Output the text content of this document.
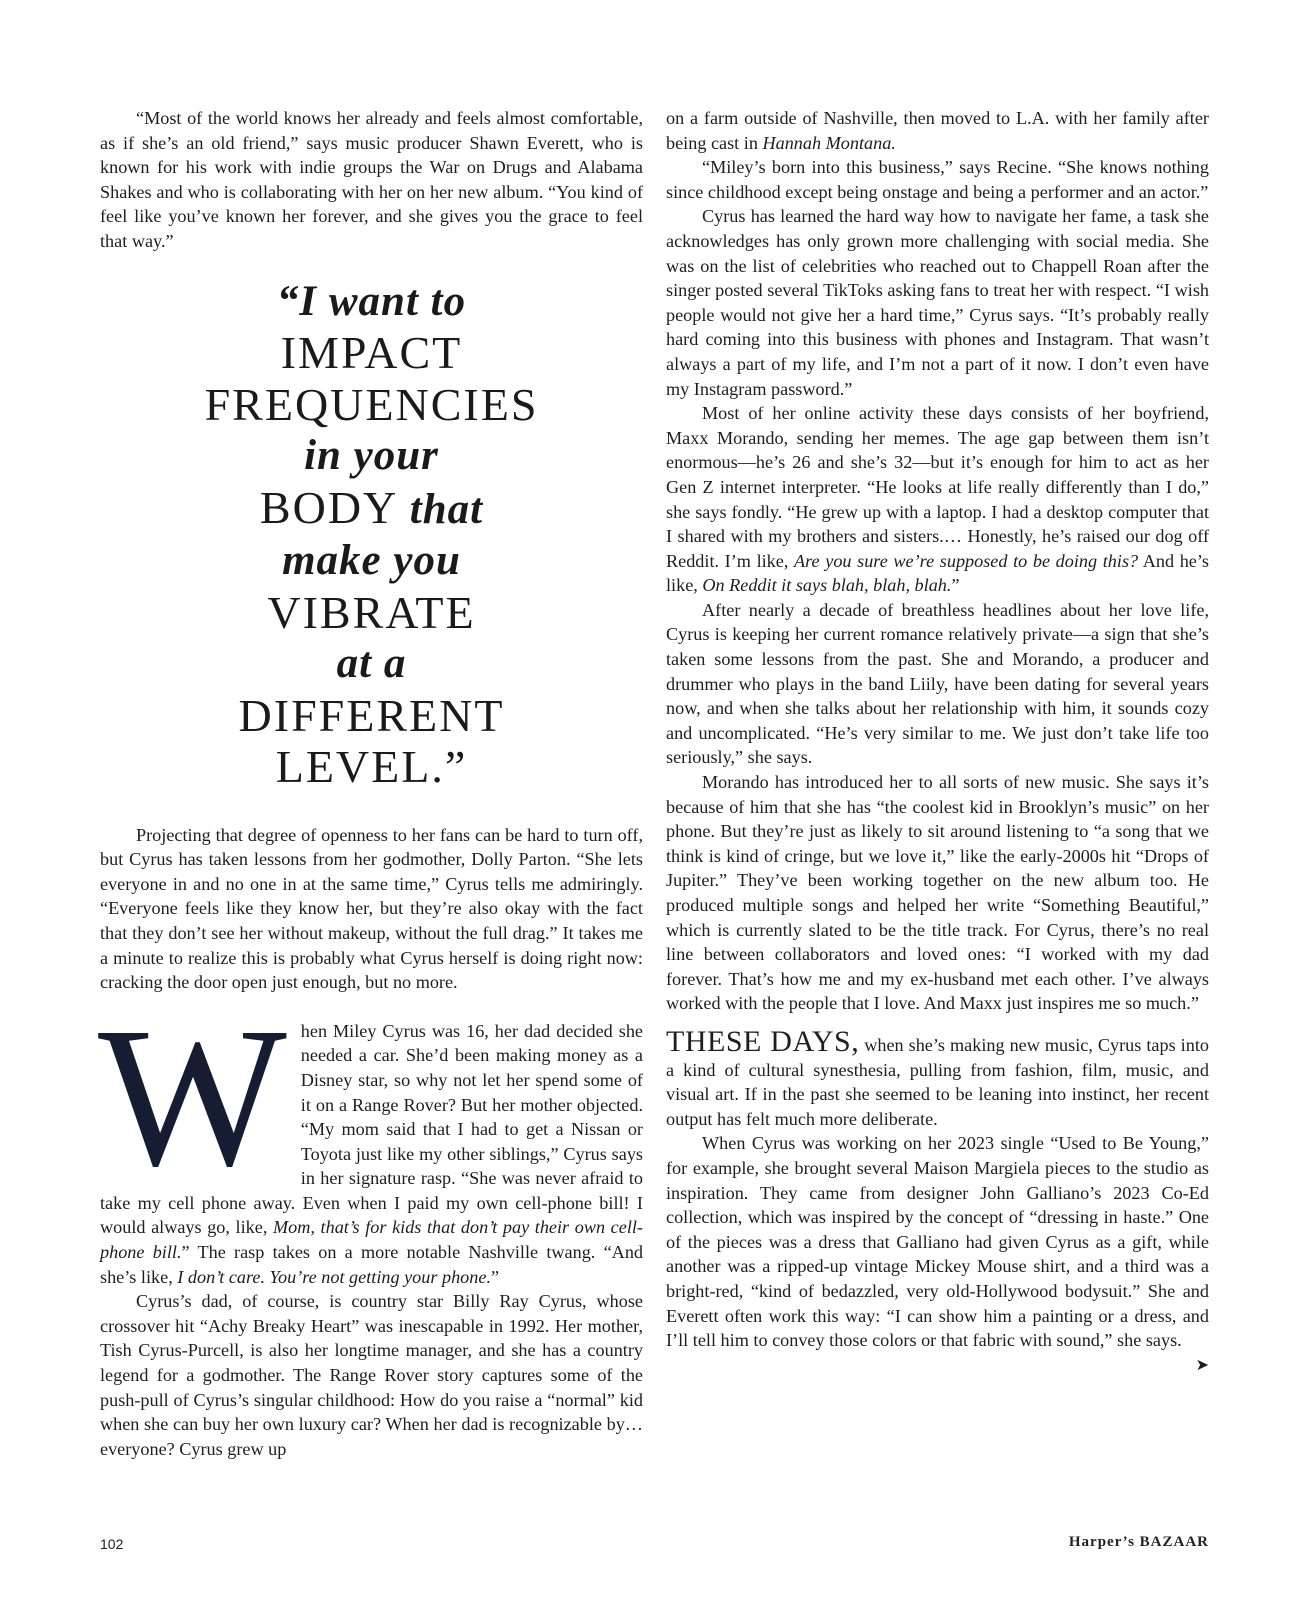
“Most of the world knows her already and feels almost comfortable, as if she’s an old friend,” says music producer Shawn Everett, who is known for his work with indie groups the War on Drugs and Alabama Shakes and who is collaborating with her on her new album. “You kind of feel like you’ve known her forever, and she gives you the grace to feel that way.”

“I want to
IMPACT
FREQUENCIES
in your
BODY that
make you
VIBRATE
at a
DIFFERENT
LEVEL.”

Projecting that degree of openness to her fans can be hard to turn off, but Cyrus has taken lessons from her godmother, Dolly Parton. “She lets everyone in and no one in at the same time,” Cyrus tells me admiringly. “Everyone feels like they know her, but they’re also okay with the fact that they don’t see her without makeup, without the full drag.” It takes me a minute to realize this is probably what Cyrus herself is doing right now: cracking the door open just enough, but no more.

W hen Miley Cyrus was 16, her dad decided she needed a car. She’d been making money as a Disney star, so why not let her spend some of it on a Range Rover? But her mother objected. “My mom said that I had to get a Nissan or Toyota just like my other siblings,” Cyrus says in her signature rasp. “She was never afraid to take my cell phone away. Even when I paid my own cell-phone bill! I would always go, like, Mom, that’s for kids that don’t pay their own cell-phone bill.” The rasp takes on a more notable Nashville twang. “And she’s like, I don’t care. You’re not getting your phone.”

Cyrus’s dad, of course, is country star Billy Ray Cyrus, whose crossover hit “Achy Breaky Heart” was inescapable in 1992. Her mother, Tish Cyrus-Purcell, is also her longtime manager, and she has a country legend for a godmother. The Range Rover story captures some of the push-pull of Cyrus’s singular childhood: How do you raise a “normal” kid when she can buy her own luxury car? When her dad is recognizable by…everyone? Cyrus grew up

on a farm outside of Nashville, then moved to L.A. with her family after being cast in Hannah Montana.

“Miley’s born into this business,” says Recine. “She knows nothing since childhood except being onstage and being a performer and an actor.”

Cyrus has learned the hard way how to navigate her fame, a task she acknowledges has only grown more challenging with social media. She was on the list of celebrities who reached out to Chappell Roan after the singer posted several TikToks asking fans to treat her with respect. “I wish people would not give her a hard time,” Cyrus says. “It’s probably really hard coming into this business with phones and Instagram. That wasn’t always a part of my life, and I’m not a part of it now. I don’t even have my Instagram password.”

Most of her online activity these days consists of her boyfriend, Maxx Morando, sending her memes. The age gap between them isn’t enormous—he’s 26 and she’s 32—but it’s enough for him to act as her Gen Z internet interpreter. “He looks at life really differently than I do,” she says fondly. “He grew up with a laptop. I had a desktop computer that I shared with my brothers and sisters.… Honestly, he’s raised our dog off Reddit. I’m like, Are you sure we’re supposed to be doing this? And he’s like, On Reddit it says blah, blah, blah.”

After nearly a decade of breathless headlines about her love life, Cyrus is keeping her current romance relatively private—a sign that she’s taken some lessons from the past. She and Morando, a producer and drummer who plays in the band Liily, have been dating for several years now, and when she talks about her relationship with him, it sounds cozy and uncomplicated. “He’s very similar to me. We just don’t take life too seriously,” she says.

Morando has introduced her to all sorts of new music. She says it’s because of him that she has “the coolest kid in Brooklyn’s music” on her phone. But they’re just as likely to sit around listening to “a song that we think is kind of cringe, but we love it,” like the early-2000s hit “Drops of Jupiter.” They’ve been working together on the new album too. He produced multiple songs and helped her write “Something Beautiful,” which is currently slated to be the title track. For Cyrus, there’s no real line between collaborators and loved ones: “I worked with my dad forever. That’s how me and my ex-husband met each other. I’ve always worked with the people that I love. And Maxx just inspires me so much.”

THESE DAYS, when she’s making new music, Cyrus taps into a kind of cultural synesthesia, pulling from fashion, film, music, and visual art. If in the past she seemed to be leaning into instinct, her recent output has felt much more deliberate.

When Cyrus was working on her 2023 single “Used to Be Young,” for example, she brought several Maison Margiela pieces to the studio as inspiration. They came from designer John Galliano’s 2023 Co-Ed collection, which was inspired by the concept of “dressing in haste.” One of the pieces was a dress that Galliano had given Cyrus as a gift, while another was a ripped-up vintage Mickey Mouse shirt, and a third was a bright-red, “kind of bedazzled, very old-Hollywood bodysuit.” She and Everett often work this way: “I can show him a painting or a dress, and I’ll tell him to convey those colors or that fabric with sound,” she says.
➤

102	Harper’s BAZAAR
